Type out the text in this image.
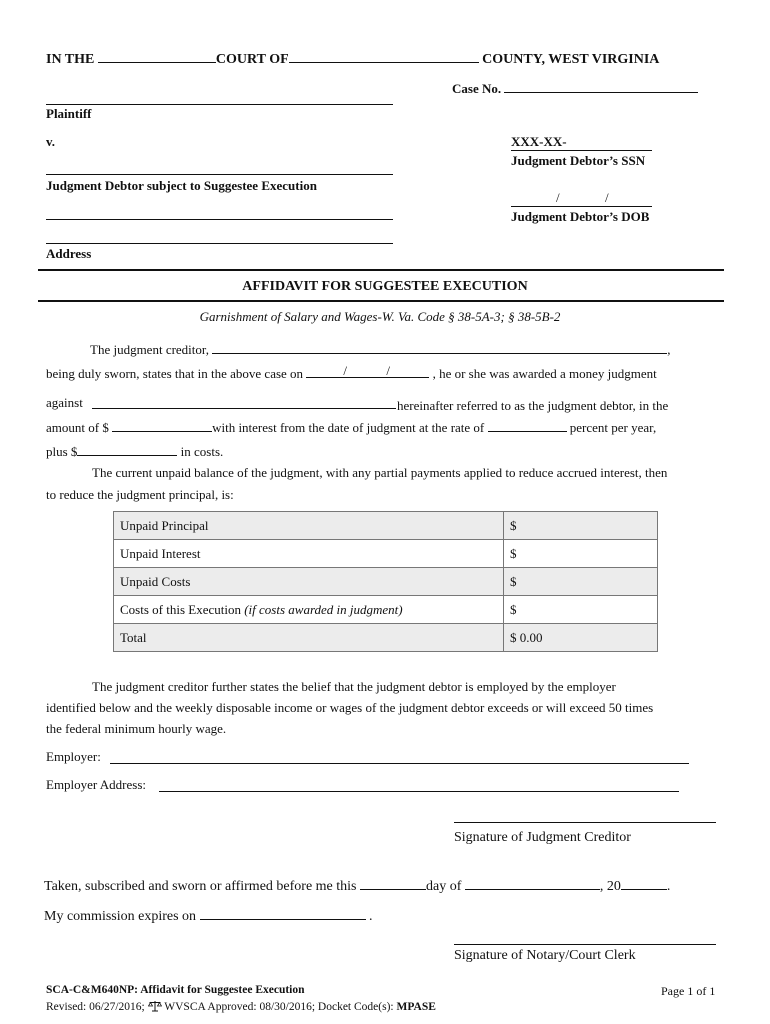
IN THE	COURT OF	COUNTY, WEST VIRGINIA
Case No.
Plaintiff
v.	XXX-XX-
Judgment Debtor’s SSN
Judgment Debtor subject to Suggestee Execution
/	/
Judgment Debtor’s DOB
Address
AFFIDAVIT FOR SUGGESTEE EXECUTION
Garnishment of Salary and Wages-W. Va. Code § 38-5A-3; § 38-5B-2
The judgment creditor,	,
being duly sworn, states that in the above case on	/	/	, he or she was awarded a money judgment
against	hereinafter referred to as the judgment debtor, in the
amount of $	with interest from the date of judgment at the rate of	percent per year,
plus $	in costs.
The current unpaid balance of the judgment, with any partial payments applied to reduce accrued interest, then
to reduce the judgment principal, is:
Unpaid Principal	$
Unpaid Interest	$
Unpaid Costs	$
Costs of this Execution (if costs awarded in judgment)	$
Total	$ 0.00
The judgment creditor further states the belief that the judgment debtor is employed by the employer
identified below and the weekly disposable income or wages of the judgment debtor exceeds or will exceed 50 times
the federal minimum hourly wage.
Employer:
Employer Address:
Signature of Judgment Creditor
Taken, subscribed and sworn or affirmed before me this	day of	, 20	.
My commission expires on	.
Signature of Notary/Court Clerk
SCA-C&M640NP: Affidavit for Suggestee Execution
Revised: 06/27/2016; WVSCA Approved: 08/30/2016; Docket Code(s): MPASE
Page 1 of 1
